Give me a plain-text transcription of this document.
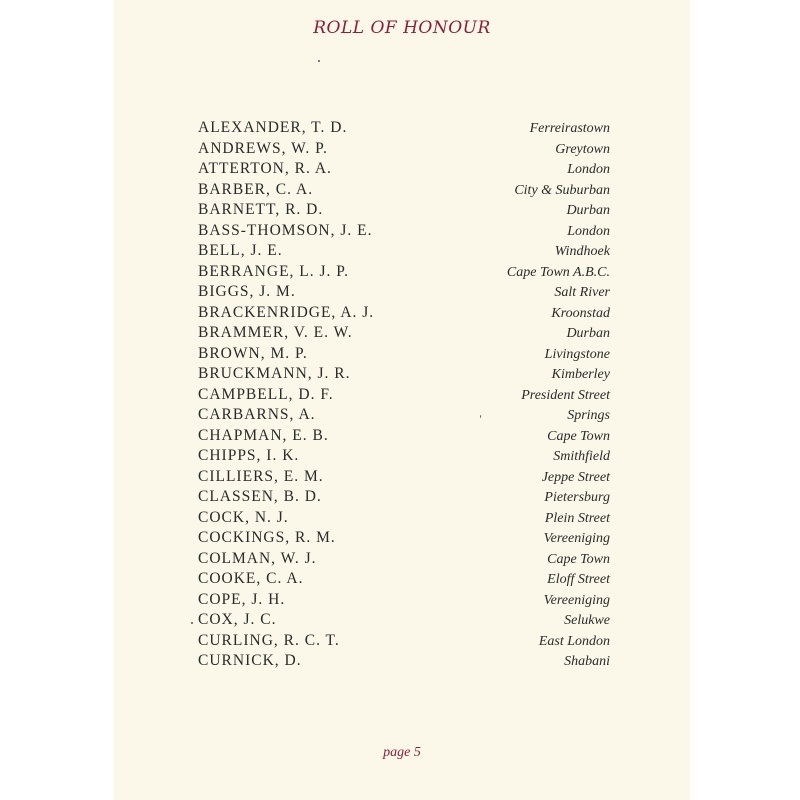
ROLL OF HONOUR
ALEXANDER, T. D.	Ferreirastown
ANDREWS, W. P.	Greytown
ATTERTON, R. A.	London
BARBER, C. A.	City & Suburban
BARNETT, R. D.	Durban
BASS-THOMSON, J. E.	London
BELL, J. E.	Windhoek
BERRANGE, L. J. P.	Cape Town A.B.C.
BIGGS, J. M.	Salt River
BRACKENRIDGE, A. J.	Kroonstad
BRAMMER, V. E. W.	Durban
BROWN, M. P.	Livingstone
BRUCKMANN, J. R.	Kimberley
CAMPBELL, D. F.	President Street
CARBARNS, A.	Springs
CHAPMAN, E. B.	Cape Town
CHIPPS, I. K.	Smithfield
CILLIERS, E. M.	Jeppe Street
CLASSEN, B. D.	Pietersburg
COCK, N. J.	Plein Street
COCKINGS, R. M.	Vereeniging
COLMAN, W. J.	Cape Town
COOKE, C. A.	Eloff Street
COPE, J. H.	Vereeniging
COX, J. C.	Selukwe
CURLING, R. C. T.	East London
CURNICK, D.	Shabani
page 5
